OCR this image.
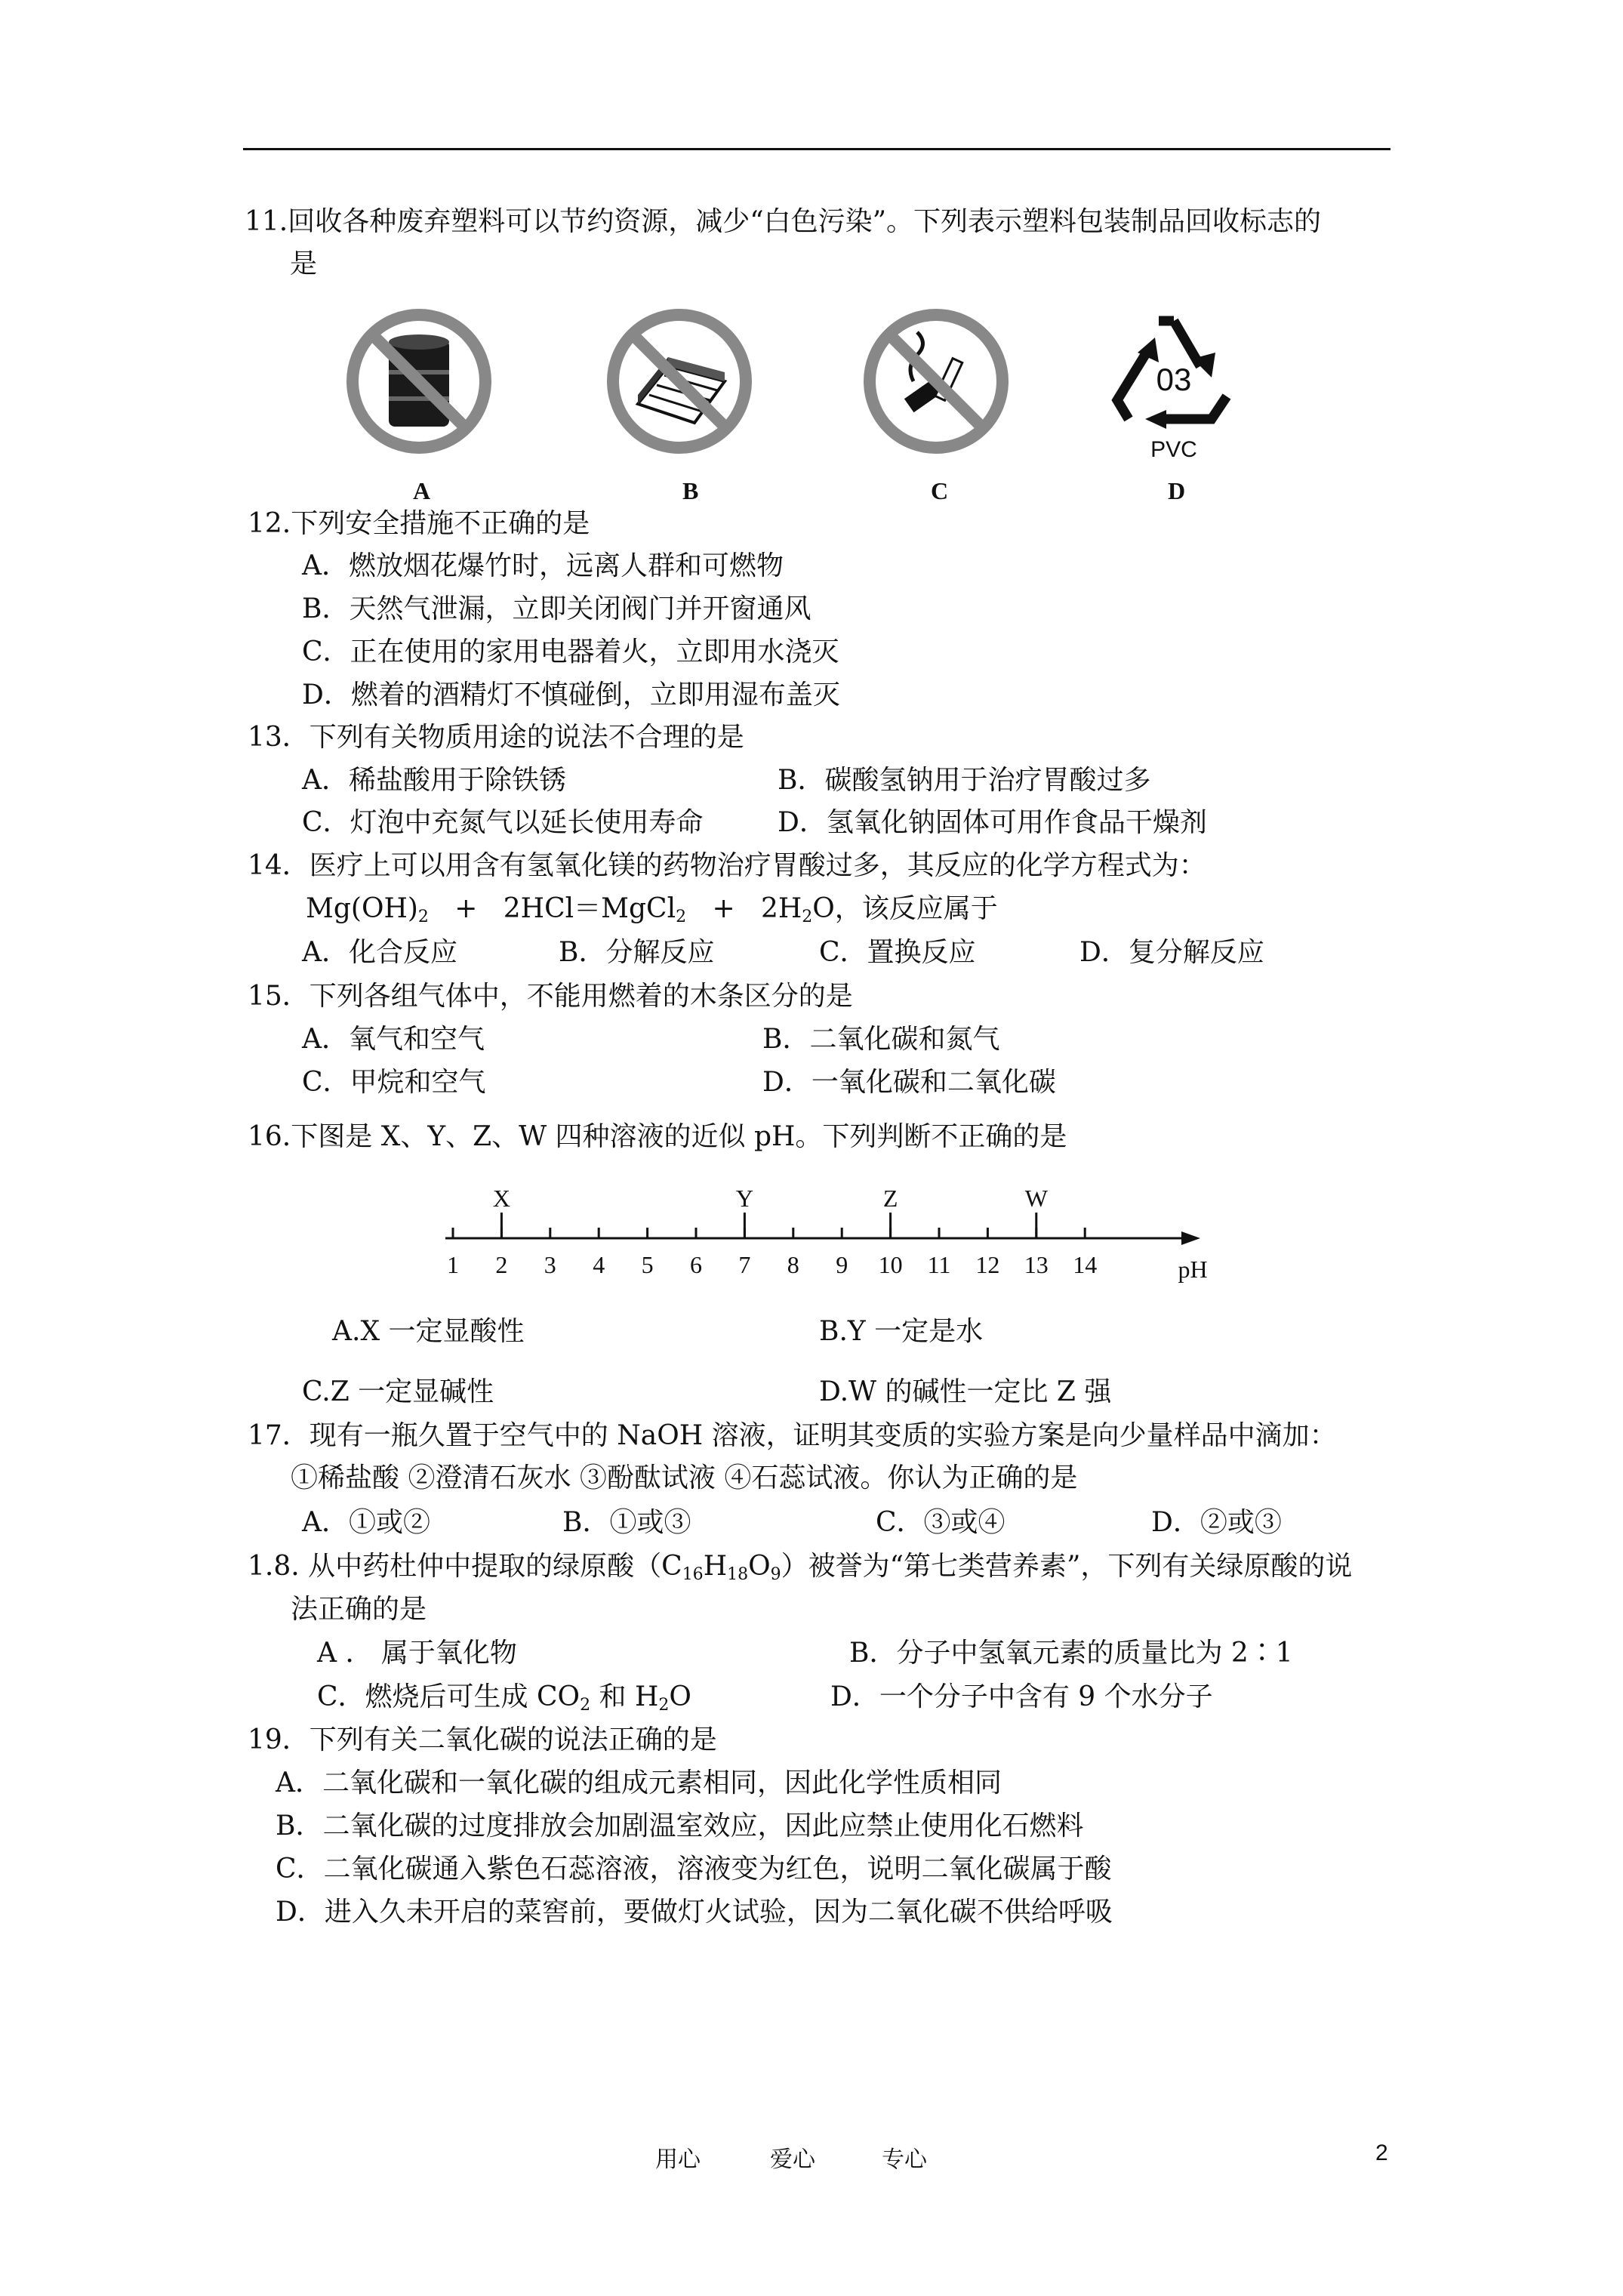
11.回收各种废弃塑料可以节约资源，减少“白色污染”。下列表示塑料包装制品回收标志的
是
03
PVC
A	B	C	D
12.下列安全措施不正确的是
A．燃放烟花爆竹时，远离人群和可燃物
B．天然气泄漏，立即关闭阀门并开窗通风
C．正在使用的家用电器着火，立即用水浇灭
D．燃着的酒精灯不慎碰倒，立即用湿布盖灭
13．下列有关物质用途的说法不合理的是
A．稀盐酸用于除铁锈	B．碳酸氢钠用于治疗胃酸过多
C．灯泡中充氮气以延长使用寿命	D．氢氧化钠固体可用作食品干燥剂
14．医疗上可以用含有氢氧化镁的药物治疗胃酸过多，其反应的化学方程式为：
$Mg(OH)_2$ + 2HCl＝MgCl$_2$ + $2H_2O$，该反应属于
A．化合反应	B．分解反应	C．置换反应	D．复分解反应
15．下列各组气体中，不能用燃着的木条区分的是
A．氧气和空气	B．二氧化碳和氮气
C．甲烷和空气	D．一氧化碳和二氧化碳
16.下图是 X、Y、Z、W 四种溶液的近似 pH。下列判断不正确的是
1 2 3 4 5 6 7 8 9 10 11 12 13 14
X	Y	Z	W
pH
A.X 一定显酸性	B.Y 一定是水
C.Z 一定显碱性	D.W 的碱性一定比 Z 强
17．现有一瓶久置于空气中的 NaOH 溶液，证明其变质的实验方案是向少量样品中滴加：
①稀盐酸 ②澄清石灰水 ③酚酞试液 ④石蕊试液。你认为正确的是
A．①或②	B．①或③	C．③或④	D．②或③
1.8. 从中药杜仲中提取的绿原酸$(C_{16}H_{18}O_9)$被誉为“第七类营养素”，下列有关绿原酸的说
法正确的是
A ． 属于氧化物	B．分子中氢氧元素的质量比为 2∶1
C．燃烧后可生成 $CO_2$ 和 $H_2O$	D．一个分子中含有 9 个水分子
19．下列有关二氧化碳的说法正确的是
A．二氧化碳和一氧化碳的组成元素相同，因此化学性质相同
B．二氧化碳的过度排放会加剧温室效应，因此应禁止使用化石燃料
C．二氧化碳通入紫色石蕊溶液，溶液变为红色，说明二氧化碳属于酸
D．进入久未开启的菜窖前，要做灯火试验，因为二氧化碳不供给呼吸
用心	爱心	专心	2
